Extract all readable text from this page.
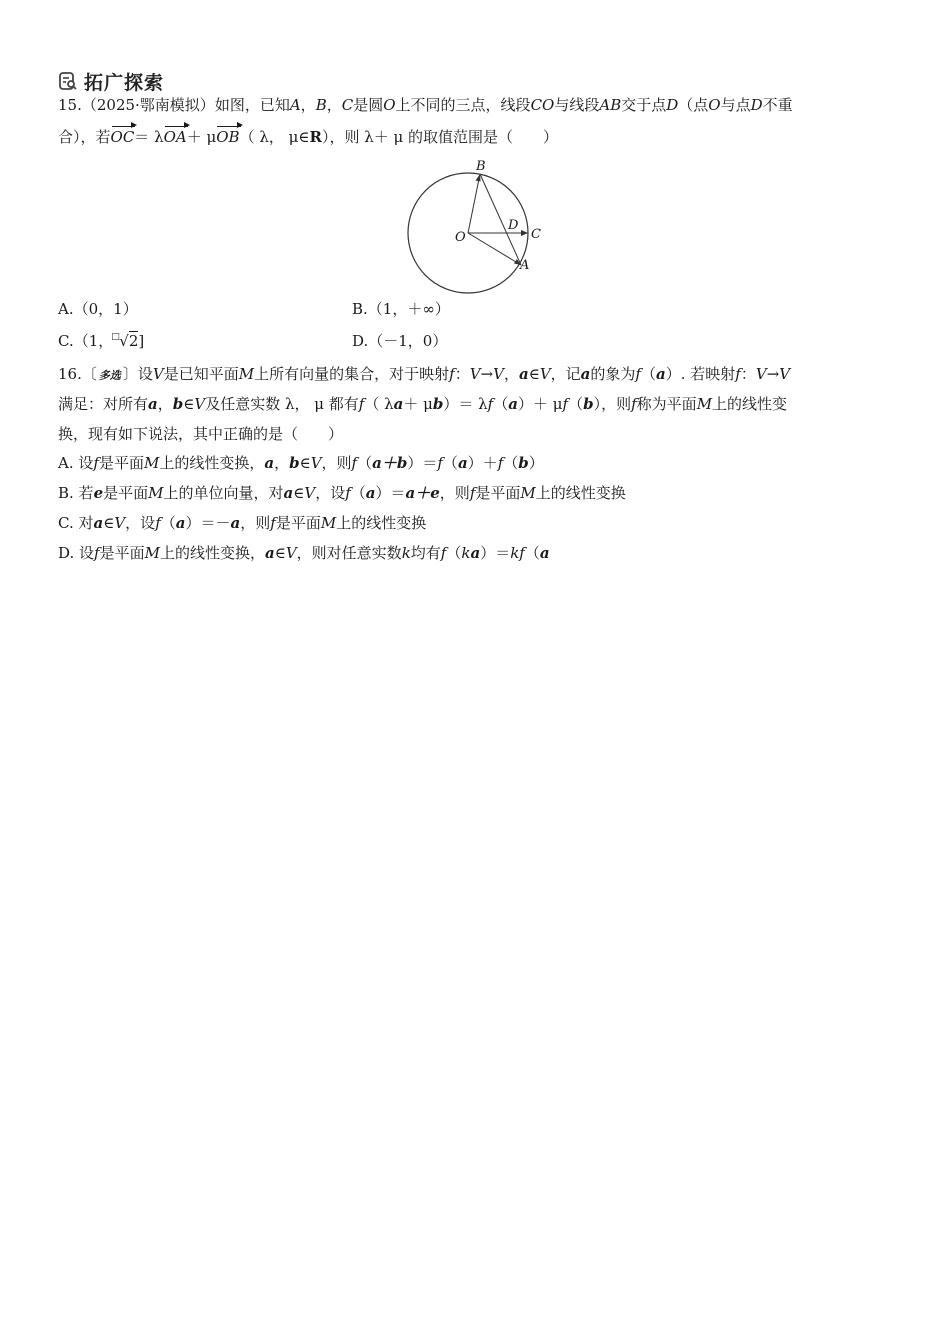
拓广探索
15.（2025·鄂南模拟）如图，已知A，B，C是圆O上不同的三点，线段CO与线段AB交于点D（点O与点D不重
合），若OC＝ λOA＋ μOB（ λ， μ∈R），则 λ＋ μ 的取值范围是（　　）
B
O
D
C
A
A.（0，1）	B.（1，＋∞）
C.（1，
□ √2]	D.（－1，0）
16.〔 多选 〕设V是已知平面M上所有向量的集合，对于映射f：V→V，a∈V，记a的象为f（a）. 若映射f：V→V
满足：对所有a，b∈V及任意实数 λ， μ 都有f（ λa＋ μb）＝ λf（a）＋ μf（b），则f称为平面M上的线性变
换，现有如下说法，其中正确的是（　　）
A. 设f是平面M上的线性变换，a，b∈V，则f（a＋b）＝f（a）＋f（b）
B. 若e是平面M上的单位向量，对a∈V，设f（a）＝a＋e，则f是平面M上的线性变换
C. 对a∈V，设f（a）＝－a，则f是平面M上的线性变换
D. 设f是平面M上的线性变换，a∈V，则对任意实数k均有f（ka）＝kf（a
